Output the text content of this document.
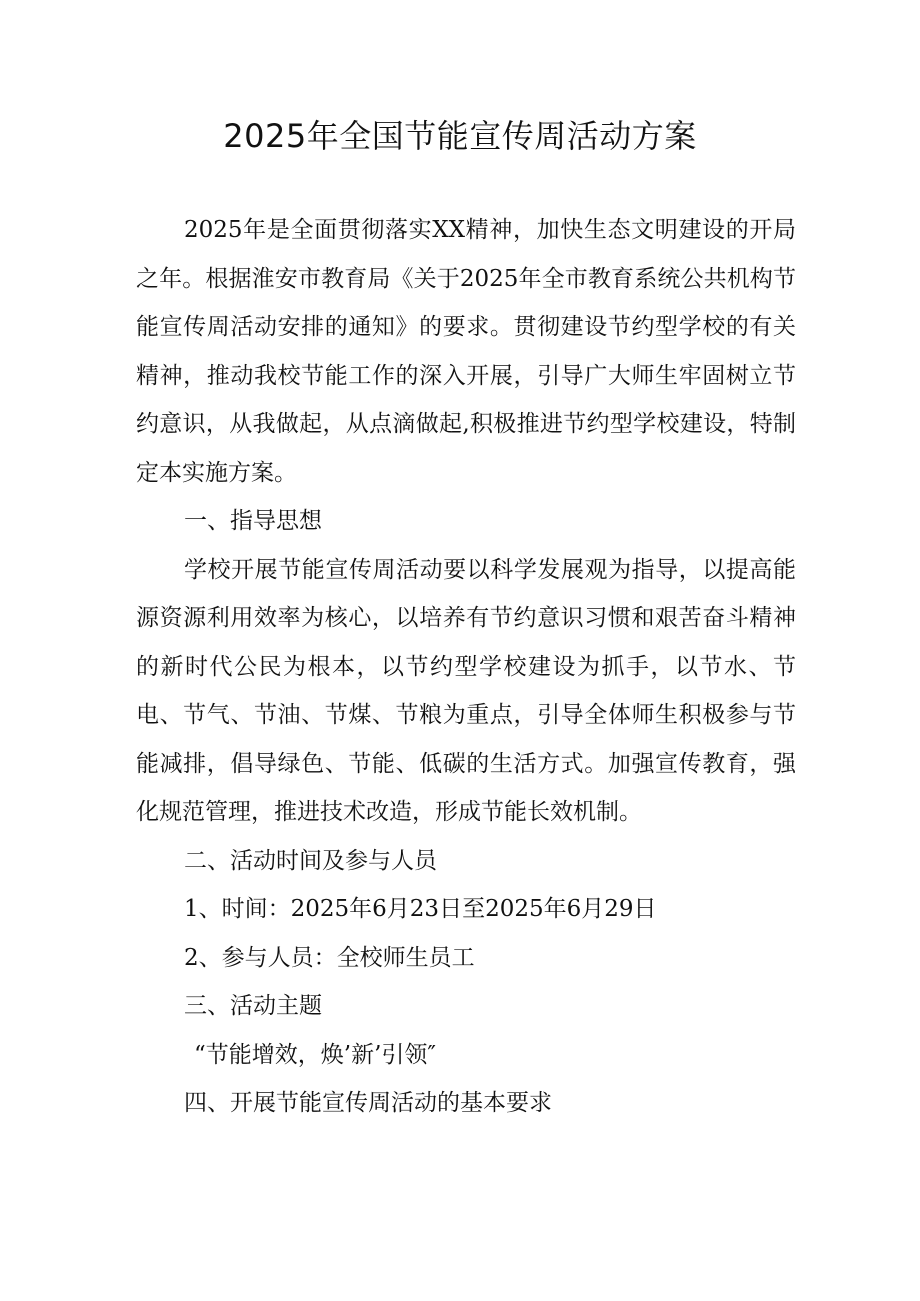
2025年全国节能宣传周活动方案

2025年是全面贯彻落实XX精神，加快生态文明建设的开局之年。根据淮安市教育局《关于2025年全市教育系统公共机构节能宣传周活动安排的通知》的要求。贯彻建设节约型学校的有关精神，推动我校节能工作的深入开展，引导广大师生牢固树立节约意识，从我做起，从点滴做起,积极推进节约型学校建设，特制定本实施方案。

一、指导思想

学校开展节能宣传周活动要以科学发展观为指导，以提高能源资源利用效率为核心，以培养有节约意识习惯和艰苦奋斗精神的新时代公民为根本，以节约型学校建设为抓手，以节水、节电、节气、节油、节煤、节粮为重点，引导全体师生积极参与节能减排，倡导绿色、节能、低碳的生活方式。加强宣传教育，强化规范管理，推进技术改造，形成节能长效机制。

二、活动时间及参与人员

1、时间：2025年6月23日至2025年6月29日

2、参与人员：全校师生员工

三、活动主题

“节能增效，焕’新’引领″

四、开展节能宣传周活动的基本要求
